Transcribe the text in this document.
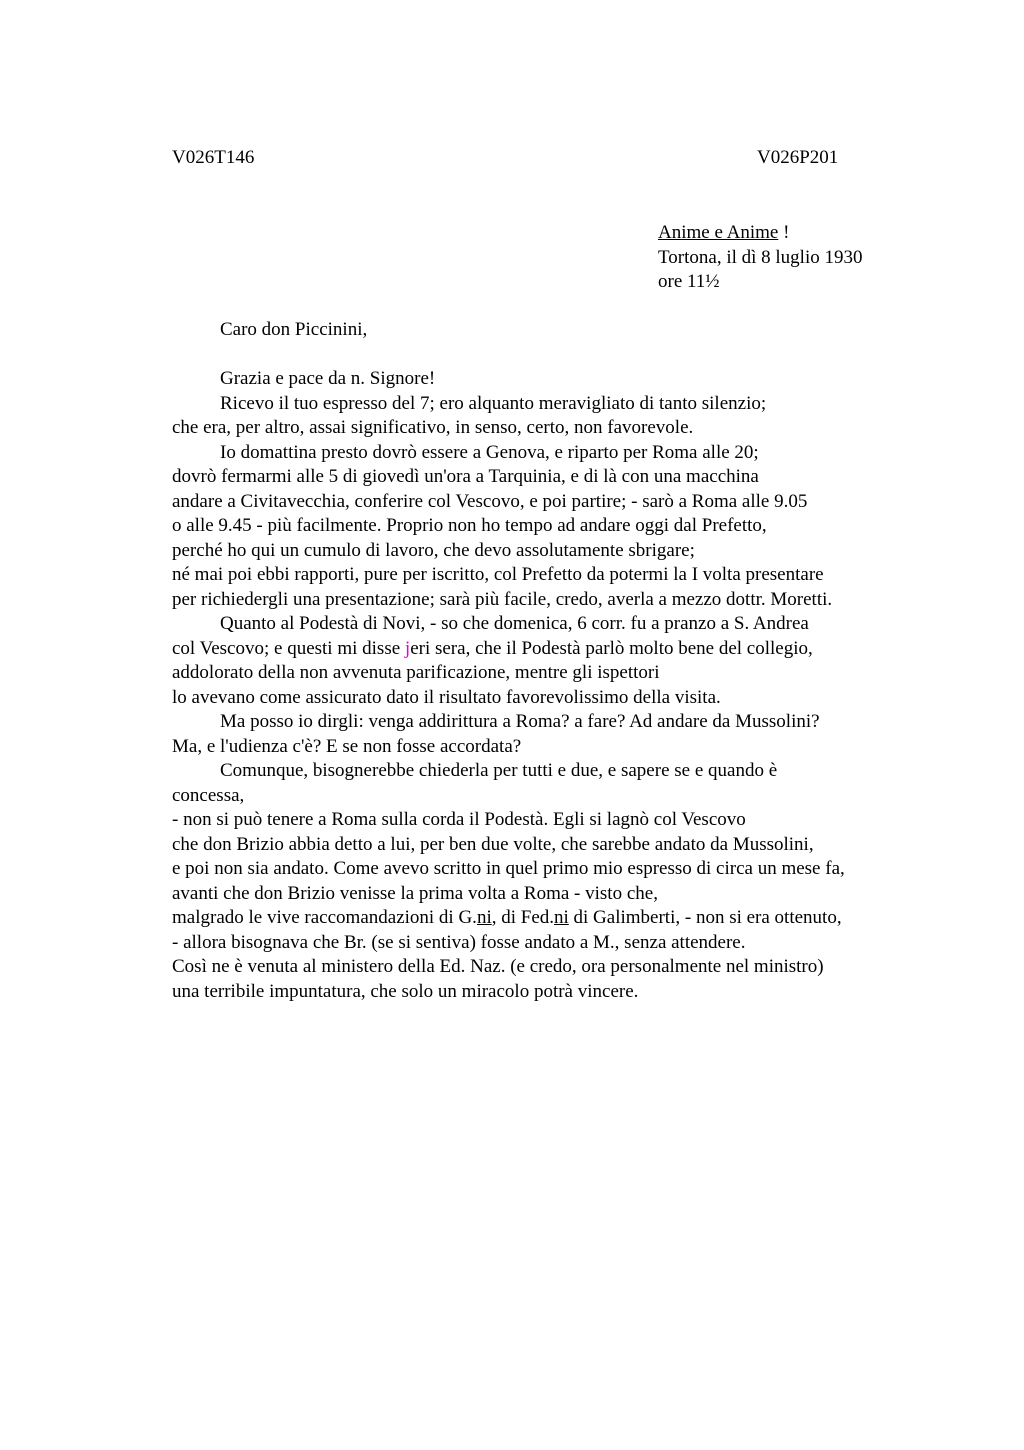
V026T146	V026P201
Anime e Anime !
Tortona, il dì 8 luglio 1930
ore 11½
Caro don Piccinini,
Grazia e pace da n. Signore!
Ricevo il tuo espresso del 7; ero alquanto meravigliato di tanto silenzio;
che era, per altro, assai significativo, in senso, certo, non favorevole.
Io domattina presto dovrò essere a Genova, e riparto per Roma alle 20;
dovrò fermarmi alle 5 di giovedì un'ora a Tarquinia, e di là con una macchina
andare a Civitavecchia, conferire col Vescovo, e poi partire; - sarò a Roma alle 9.05
o alle 9.45 - più facilmente. Proprio non ho tempo ad andare oggi dal Prefetto,
perché ho qui un cumulo di lavoro, che devo assolutamente sbrigare;
né mai poi ebbi rapporti, pure per iscritto, col Prefetto da potermi la I volta presentare
per richiedergli una presentazione; sarà più facile, credo, averla a mezzo dottr. Moretti.
Quanto al Podestà di Novi, - so che domenica, 6 corr. fu a pranzo a S. Andrea
col Vescovo; e questi mi disse jeri sera, che il Podestà parlò molto bene del collegio,
addolorato della non avvenuta parificazione, mentre gli ispettori
lo avevano come assicurato dato il risultato favorevolissimo della visita.
Ma posso io dirgli: venga addirittura a Roma? a fare? Ad andare da Mussolini?
Ma, e l'udienza c'è? E se non fosse accordata?
Comunque, bisognerebbe chiederla per tutti e due, e sapere se e quando è
concessa,
- non si può tenere a Roma sulla corda il Podestà. Egli si lagnò col Vescovo
che don Brizio abbia detto a lui, per ben due volte, che sarebbe andato da Mussolini,
e poi non sia andato. Come avevo scritto in quel primo mio espresso di circa un mese fa,
avanti che don Brizio venisse la prima volta a Roma - visto che,
malgrado le vive raccomandazioni di G.ni, di Fed.ni di Galimberti, - non si era ottenuto,
- allora bisognava che Br. (se si sentiva) fosse andato a M., senza attendere.
Così ne è venuta al ministero della Ed. Naz. (e credo, ora personalmente nel ministro)
una terribile impuntatura, che solo un miracolo potrà vincere.
